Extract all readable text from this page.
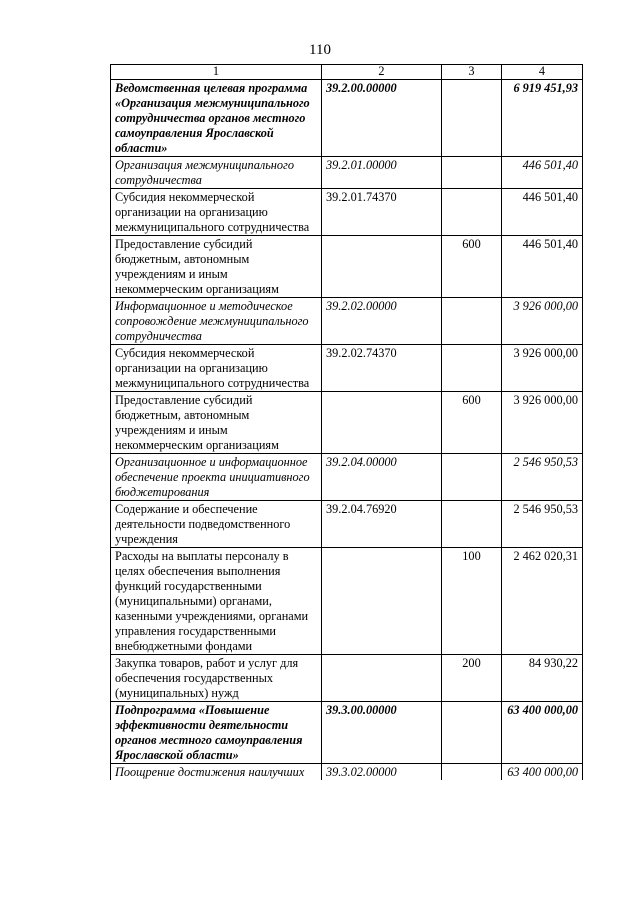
110
1	2	3	4
Ведомственная целевая программа «Организация межмуниципального сотрудничества органов местного самоуправления Ярославской области»	39.2.00.00000		6 919 451,93
Организация межмуниципального сотрудничества	39.2.01.00000		446 501,40
Субсидия некоммерческой организации на организацию межмуниципального сотрудничества	39.2.01.74370		446 501,40
Предоставление субсидий бюджетным, автономным учреждениям и иным некоммерческим организациям		600	446 501,40
Информационное и методическое сопровождение межмуниципального сотрудничества	39.2.02.00000		3 926 000,00
Субсидия некоммерческой организации на организацию межмуниципального сотрудничества	39.2.02.74370		3 926 000,00
Предоставление субсидий бюджетным, автономным учреждениям и иным некоммерческим организациям		600	3 926 000,00
Организационное и информационное обеспечение проекта инициативного бюджетирования	39.2.04.00000		2 546 950,53
Содержание и обеспечение деятельности подведомственного учреждения	39.2.04.76920		2 546 950,53
Расходы на выплаты персоналу в целях обеспечения выполнения функций государственными (муниципальными) органами, казенными учреждениями, органами управления государственными внебюджетными фондами		100	2 462 020,31
Закупка товаров, работ и услуг для обеспечения государственных (муниципальных) нужд		200	84 930,22
Подпрограмма «Повышение эффективности деятельности органов местного самоуправления Ярославской области»	39.3.00.00000		63 400 000,00
Поощрение достижения наилучших	39.3.02.00000		63 400 000,00
